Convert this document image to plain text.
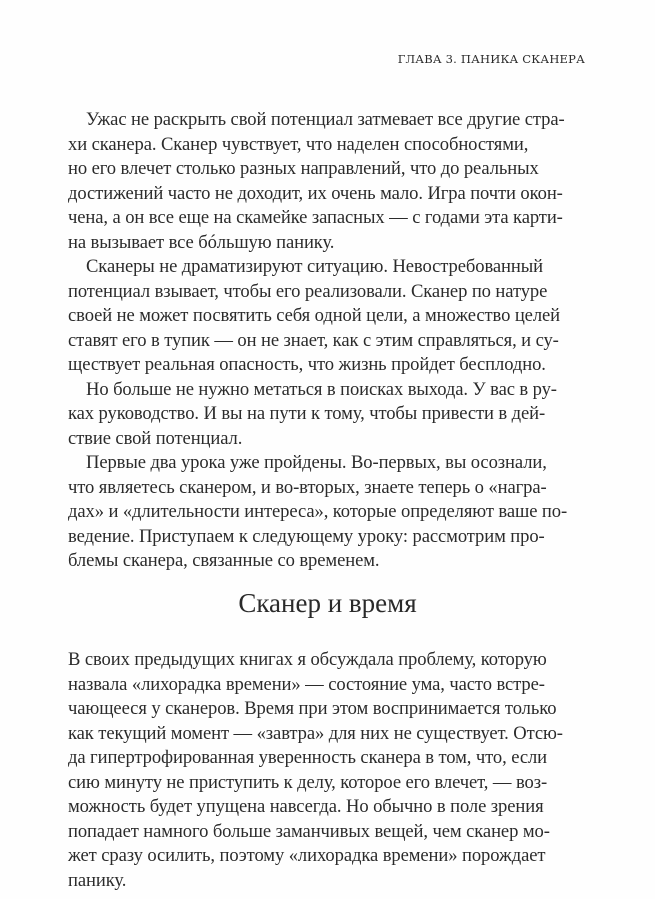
ГЛАВА 3. ПАНИКА СКАНЕРА
Ужас не раскрыть свой потенциал затмевает все другие стра-
хи сканера. Сканер чувствует, что наделен способностями,
но его влечет столько разных направлений, что до реальных
достижений часто не доходит, их очень мало. Игра почти окон-
чена, а он все еще на скамейке запасных — с годами эта карти-
на вызывает все бóльшую панику.
Сканеры не драматизируют ситуацию. Невостребованный
потенциал взывает, чтобы его реализовали. Сканер по натуре
своей не может посвятить себя одной цели, а множество целей
ставят его в тупик — он не знает, как с этим справляться, и су-
ществует реальная опасность, что жизнь пройдет бесплодно.
Но больше не нужно метаться в поисках выхода. У вас в ру-
ках руководство. И вы на пути к тому, чтобы привести в дей-
ствие свой потенциал.
Первые два урока уже пройдены. Во-первых, вы осознали,
что являетесь сканером, и во-вторых, знаете теперь о «награ-
дах» и «длительности интереса», которые определяют ваше по-
ведение. Приступаем к следующему уроку: рассмотрим про-
блемы сканера, связанные со временем.
Сканер и время
В своих предыдущих книгах я обсуждала проблему, которую
назвала «лихорадка времени» — состояние ума, часто встре-
чающееся у сканеров. Время при этом воспринимается только
как текущий момент — «завтра» для них не существует. Отсю-
да гипертрофированная уверенность сканера в том, что, если
сию минуту не приступить к делу, которое его влечет, — воз-
можность будет упущена навсегда. Но обычно в поле зрения
попадает намного больше заманчивых вещей, чем сканер мо-
жет сразу осилить, поэтому «лихорадка времени» порождает
панику.
